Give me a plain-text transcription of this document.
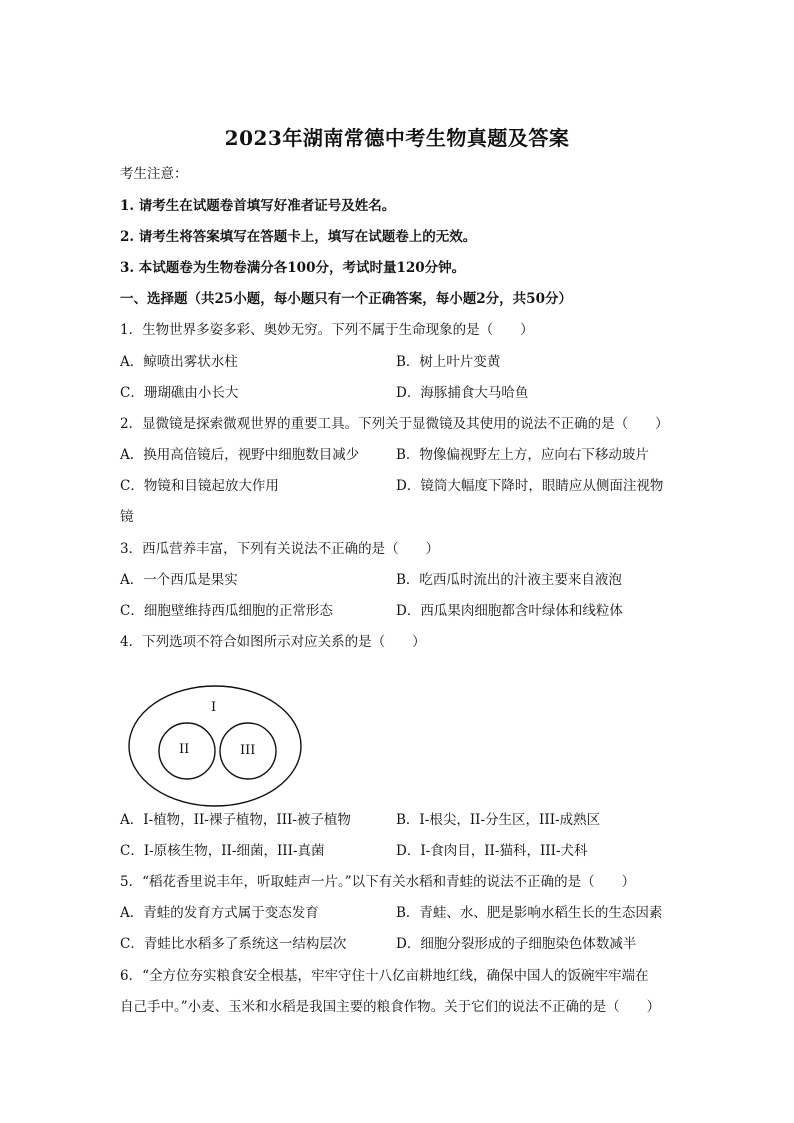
2023年湖南常德中考生物真题及答案
考生注意：
1. 请考生在试题卷首填写好准者证号及姓名。
2. 请考生将答案填写在答题卡上，填写在试题卷上的无效。
3. 本试题卷为生物卷满分各100分，考试时量120分钟。
一、选择题（共25小题，每小题只有一个正确答案，每小题2分，共50分）
1．生物世界多姿多彩、奥妙无穷。下列不属于生命现象的是（　　）
A．鲸喷出雾状水柱	B．树上叶片变黄
C．珊瑚礁由小长大	D．海豚捕食大马哈鱼
2．显微镜是探索微观世界的重要工具。下列关于显微镜及其使用的说法不正确的是（　　）
A．换用高倍镜后，视野中细胞数目减少	B．物像偏视野左上方，应向右下移动玻片
C．物镜和目镜起放大作用	D．镜筒大幅度下降时，眼睛应从侧面注视物
镜
3．西瓜营养丰富，下列有关说法不正确的是（　　）
A．一个西瓜是果实	B．吃西瓜时流出的汁液主要来自液泡
C．细胞壁维持西瓜细胞的正常形态	D．西瓜果肉细胞都含叶绿体和线粒体
4．下列选项不符合如图所示对应关系的是（　　）
I
II	III
A．I-植物，II-裸子植物，III-被子植物	B．I-根尖，II-分生区，III-成熟区
C．I-原核生物，II-细菌，III-真菌	D．I-食肉目，II-猫科，III-犬科
5．“稻花香里说丰年，听取蛙声一片。”以下有关水稻和青蛙的说法不正确的是（　　）
A．青蛙的发育方式属于变态发育	B．青蛙、水、肥是影响水稻生长的生态因素
C．青蛙比水稻多了系统这一结构层次	D．细胞分裂形成的子细胞染色体数减半
6．“全方位夯实粮食安全根基，牢牢守住十八亿亩耕地红线，确保中国人的饭碗牢牢端在
自己手中。”小麦、玉米和水稻是我国主要的粮食作物。关于它们的说法不正确的是（　　）
